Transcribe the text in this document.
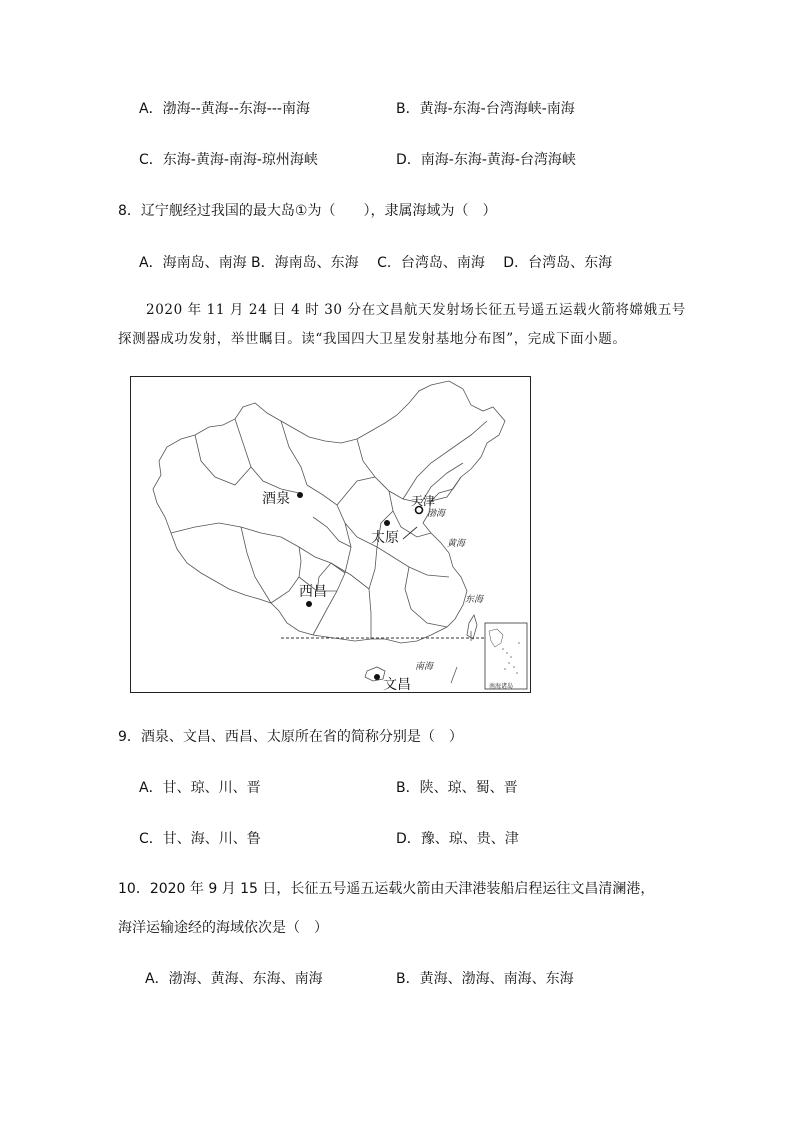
A．渤海--黄海--东海---南海	B．黄海-东海-台湾海峡-南海
C．东海-黄海-南海-琼州海峡	D．南海-东海-黄海-台湾海峡
8．辽宁舰经过我国的最大岛①为（　　），隶属海域为（　）
A．海南岛、南海 B．海南岛、东海　 C．台湾岛、南海　 D．台湾岛、东海
2020 年 11 月 24 日 4 时 30 分在文昌航天发射场长征五号遥五运载火箭将嫦娥五号
探测器成功发射，举世瞩目。读“我国四大卫星发射基地分布图”，完成下面小题。
酒泉	天津
太原
西昌
文昌
渤海
黄海
东海
南海
南海诸岛
9．酒泉、文昌、西昌、太原所在省的简称分别是（　）
A．甘、琼、川、晋	B．陕、琼、蜀、晋
C．甘、海、川、鲁	D．豫、琼、贵、津
10．2020 年 9 月 15 日，长征五号遥五运载火箭由天津港装船启程运往文昌清澜港，
海洋运输途经的海域依次是（　）
A．渤海、黄海、东海、南海	B．黄海、渤海、南海、东海
